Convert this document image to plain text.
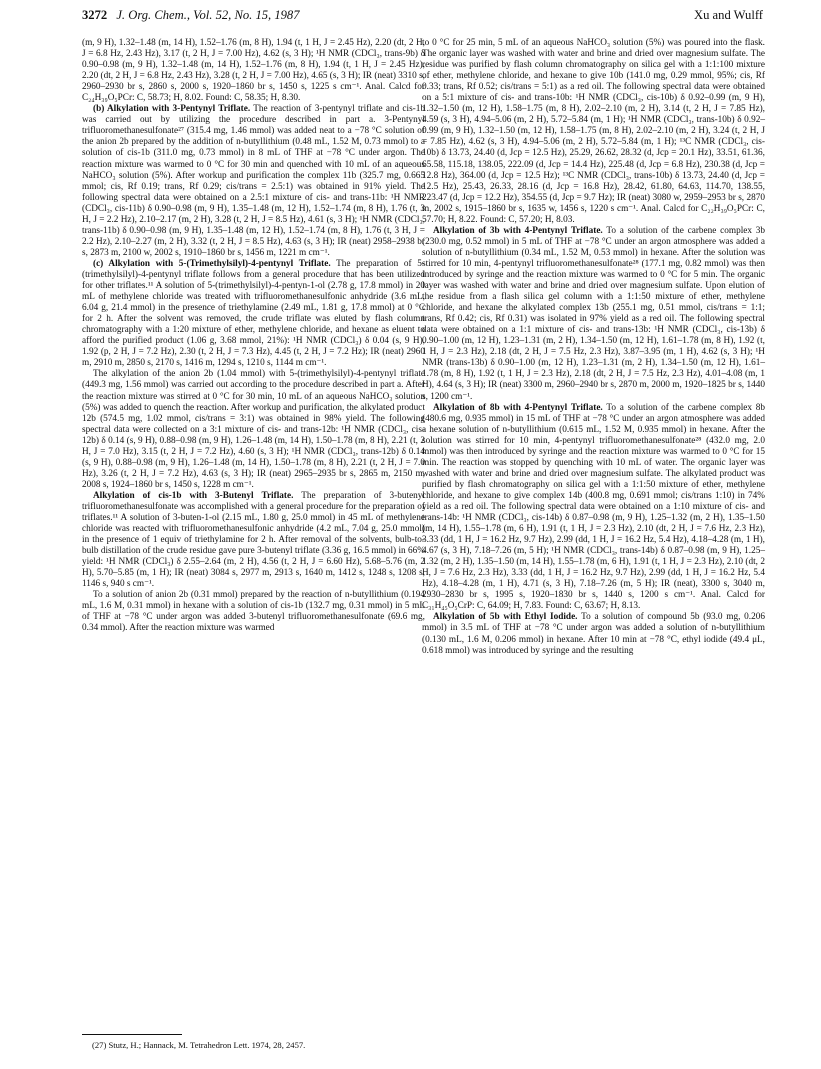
3272 J. Org. Chem., Vol. 52, No. 15, 1987	Xu and Wulff

(m, 9 H), 1.32–1.48 (m, 14 H), 1.52–1.76 (m, 8 H), 1.94 (t, 1 H, J = 2.45 Hz), 2.20 (dt, 2 H, J = 6.8 Hz, 2.43 Hz), 3.17 (t, 2 H, J = 7.00 Hz), 4.62 (s, 3 H); ¹H NMR (CDCl₃, trans-9b) δ 0.90–0.98 (m, 9 H), 1.32–1.48 (m, 14 H), 1.52–1.76 (m, 8 H), 1.94 (t, 1 H, J = 2.45 Hz), 2.20 (dt, 2 H, J = 6.8 Hz, 2.43 Hz), 3.28 (t, 2 H, J = 7.00 Hz), 4.65 (s, 3 H); IR (neat) 3310 s, 2960–2930 br s, 2860 s, 2000 s, 1920–1860 br s, 1450 s, 1225 s cm⁻¹. Anal. Calcd for C₂₄H₃₉O₅PCr: C, 58.73; H, 8.02. Found: C, 58.35; H, 8.30.

(b) Alkylation with 3-Pentynyl Triflate. The reaction of 3-pentynyl triflate and cis-1b was carried out by utilizing the procedure described in part a. 3-Pentynyl trifluoromethanesulfonate²⁷ (315.4 mg, 1.46 mmol) was added neat to a −78 °C solution of the anion 2b prepared by the addition of n-butyllithium (0.48 mL, 1.52 M, 0.73 mmol) to a solution of cis-1b (311.0 mg, 0.73 mmol) in 8 mL of THF at −78 °C under argon. The reaction mixture was warmed to 0 °C for 30 min and quenched with 10 mL of an aqueous NaHCO₃ solution (5%). After workup and purification the complex 11b (325.7 mg, 0.665 mmol; cis, Rf 0.19; trans, Rf 0.29; cis/trans = 2.5:1) was obtained in 91% yield. The following spectral data were obtained on a 2.5:1 mixture of cis- and trans-11b: ¹H NMR (CDCl₃, cis-11b) δ 0.90–0.98 (m, 9 H), 1.35–1.48 (m, 12 H), 1.52–1.74 (m, 8 H), 1.76 (t, 3 H, J = 2.2 Hz), 2.10–2.17 (m, 2 H), 3.28 (t, 2 H, J = 8.5 Hz), 4.61 (s, 3 H); ¹H NMR (CDCl₃, trans-11b) δ 0.90–0.98 (m, 9 H), 1.35–1.48 (m, 12 H), 1.52–1.74 (m, 8 H), 1.76 (t, 3 H, J = 2.2 Hz), 2.10–2.27 (m, 2 H), 3.32 (t, 2 H, J = 8.5 Hz), 4.63 (s, 3 H); IR (neat) 2958–2938 br s, 2873 m, 2100 w, 2002 s, 1910–1860 br s, 1456 m, 1221 m cm⁻¹.

(c) Alkylation with 5-(Trimethylsilyl)-4-pentynyl Triflate. The preparation of 5-(trimethylsilyl)-4-pentynyl triflate follows from a general procedure that has been utilized for other triflates.¹¹ A solution of 5-(trimethylsilyl)-4-pentyn-1-ol (2.78 g, 17.8 mmol) in 20 mL of methylene chloride was treated with trifluoromethanesulfonic anhydride (3.6 mL, 6.04 g, 21.4 mmol) in the presence of triethylamine (2.49 mL, 1.81 g, 17.8 mmol) at 0 °C for 2 h. After the solvent was removed, the crude triflate was eluted by flash column chromatography with a 1:20 mixture of ether, methylene chloride, and hexane as eluent to afford the purified product (1.06 g, 3.68 mmol, 21%): ¹H NMR (CDCl₃) δ 0.04 (s, 9 H), 1.92 (p, 2 H, J = 7.2 Hz), 2.30 (t, 2 H, J = 7.3 Hz), 4.45 (t, 2 H, J = 7.2 Hz); IR (neat) 2960 m, 2910 m, 2850 s, 2170 s, 1416 m, 1294 s, 1210 s, 1144 m cm⁻¹.

The alkylation of the anion 2b (1.04 mmol) with 5-(trimethylsilyl)-4-pentynyl triflate (449.3 mg, 1.56 mmol) was carried out according to the procedure described in part a. After the reaction mixture was stirred at 0 °C for 30 min, 10 mL of an aqueous NaHCO₃ solution (5%) was added to quench the reaction. After workup and purification, the alkylated product 12b (574.5 mg, 1.02 mmol, cis/trans = 3:1) was obtained in 98% yield. The following spectral data were collected on a 3:1 mixture of cis- and trans-12b: ¹H NMR (CDCl₃, cis-12b) δ 0.14 (s, 9 H), 0.88–0.98 (m, 9 H), 1.26–1.48 (m, 14 H), 1.50–1.78 (m, 8 H), 2.21 (t, 2 H, J = 7.0 Hz), 3.15 (t, 2 H, J = 7.2 Hz), 4.60 (s, 3 H); ¹H NMR (CDCl₃, trans-12b) δ 0.14 (s, 9 H), 0.88–0.98 (m, 9 H), 1.26–1.48 (m, 14 H), 1.50–1.78 (m, 8 H), 2.21 (t, 2 H, J = 7.0 Hz), 3.26 (t, 2 H, J = 7.2 Hz), 4.63 (s, 3 H); IR (neat) 2965–2935 br s, 2865 m, 2150 m, 2008 s, 1924–1860 br s, 1450 s, 1228 m cm⁻¹.

Alkylation of cis-1b with 3-Butenyl Triflate. The preparation of 3-butenyl trifluoromethanesulfonate was accomplished with a general procedure for the preparation of triflates.¹¹ A solution of 3-buten-1-ol (2.15 mL, 1.80 g, 25.0 mmol) in 45 mL of methylene chloride was reacted with trifluoromethanesulfonic anhydride (4.2 mL, 7.04 g, 25.0 mmol) in the presence of 1 equiv of triethylamine for 2 h. After removal of the solvents, bulb-to-bulb distillation of the crude residue gave pure 3-butenyl triflate (3.36 g, 16.5 mmol) in 66% yield: ¹H NMR (CDCl₃) δ 2.55–2.64 (m, 2 H), 4.56 (t, 2 H, J = 6.60 Hz), 5.68–5.76 (m, 2 H), 5.70–5.85 (m, 1 H); IR (neat) 3084 s, 2977 m, 2913 s, 1640 m, 1412 s, 1248 s, 1208 s, 1146 s, 940 s cm⁻¹.

To a solution of anion 2b (0.31 mmol) prepared by the reaction of n-butyllithium (0.194 mL, 1.6 M, 0.31 mmol) in hexane with a solution of cis-1b (132.7 mg, 0.31 mmol) in 5 mL of THF at −78 °C under argon was added 3-butenyl trifluoromethanesulfonate (69.6 mg, 0.34 mmol). After the reaction mixture was warmed

to 0 °C for 25 min, 5 mL of an aqueous NaHCO₃ solution (5%) was poured into the flask. The organic layer was washed with water and brine and dried over magnesium sulfate. The residue was purified by flash column chromatography on silica gel with a 1:1:100 mixture of ether, methylene chloride, and hexane to give 10b (141.0 mg, 0.29 mmol, 95%; cis, Rf 0.33; trans, Rf 0.52; cis/trans = 5:1) as a red oil. The following spectral data were obtained on a 5:1 mixture of cis- and trans-10b: ¹H NMR (CDCl₃, cis-10b) δ 0.92–0.99 (m, 9 H), 1.32–1.50 (m, 12 H), 1.58–1.75 (m, 8 H), 2.02–2.10 (m, 2 H), 3.14 (t, 2 H, J = 7.85 Hz), 4.59 (s, 3 H), 4.94–5.06 (m, 2 H), 5.72–5.84 (m, 1 H); ¹H NMR (CDCl₃, trans-10b) δ 0.92–0.99 (m, 9 H), 1.32–1.50 (m, 12 H), 1.58–1.75 (m, 8 H), 2.02–2.10 (m, 2 H), 3.24 (t, 2 H, J = 7.85 Hz), 4.62 (s, 3 H), 4.94–5.06 (m, 2 H), 5.72–5.84 (m, 1 H); ¹³C NMR (CDCl₃, cis-10b) δ 13.73, 24.40 (d, Jcp = 12.5 Hz), 25.29, 26.62, 28.32 (d, Jcp = 20.1 Hz), 33.51, 61.36, 65.58, 115.18, 138.05, 222.09 (d, Jcp = 14.4 Hz), 225.48 (d, Jcp = 6.8 Hz), 230.38 (d, Jcp = 12.8 Hz), 364.00 (d, Jcp = 12.5 Hz); ¹³C NMR (CDCl₃, trans-10b) δ 13.73, 24.40 (d, Jcp = 12.5 Hz), 25.43, 26.33, 28.16 (d, Jcp = 16.8 Hz), 28.42, 61.80, 64.63, 114.70, 138.55, 223.47 (d, Jcp = 12.2 Hz), 354.55 (d, Jcp = 9.7 Hz); IR (neat) 3080 w, 2959–2953 br s, 2870 m, 2002 s, 1915–1860 br s, 1635 w, 1456 s, 1220 s cm⁻¹. Anal. Calcd for C₂₂H₃₉O₅PCr: C, 57.70; H, 8.22. Found: C, 57.20; H, 8.03.

Alkylation of 3b with 4-Pentynyl Triflate. To a solution of the carbene complex 3b (230.0 mg, 0.52 mmol) in 5 mL of THF at −78 °C under an argon atmosphere was added a solution of n-butyllithium (0.34 mL, 1.52 M, 0.53 mmol) in hexane. After the solution was stirred for 10 min, 4-pentynyl trifluoromethanesulfonate²⁸ (177.1 mg, 0.82 mmol) was then introduced by syringe and the reaction mixture was warmed to 0 °C for 5 min. The organic layer was washed with water and brine and dried over magnesium sulfate. Upon elution of the residue from a flash silica gel column with a 1:1:50 mixture of ether, methylene chloride, and hexane the alkylated complex 13b (255.1 mg, 0.51 mmol, cis/trans = 1:1; trans, Rf 0.42; cis, Rf 0.31) was isolated in 97% yield as a red oil. The following spectral data were obtained on a 1:1 mixture of cis- and trans-13b: ¹H NMR (CDCl₃, cis-13b) δ 0.90–1.00 (m, 12 H), 1.23–1.31 (m, 2 H), 1.34–1.50 (m, 12 H), 1.61–1.78 (m, 8 H), 1.92 (t, 1 H, J = 2.3 Hz), 2.18 (dt, 2 H, J = 7.5 Hz, 2.3 Hz), 3.87–3.95 (m, 1 H), 4.62 (s, 3 H); ¹H NMR (trans-13b) δ 0.90–1.00 (m, 12 H), 1.23–1.31 (m, 2 H), 1.34–1.50 (m, 12 H), 1.61–1.78 (m, 8 H), 1.92 (t, 1 H, J = 2.3 Hz), 2.18 (dt, 2 H, J = 7.5 Hz, 2.3 Hz), 4.01–4.08 (m, 1 H), 4.64 (s, 3 H); IR (neat) 3300 m, 2960–2940 br s, 2870 m, 2000 m, 1920–1825 br s, 1440 s, 1200 cm⁻¹.

Alkylation of 8b with 4-Pentynyl Triflate. To a solution of the carbene complex 8b (480.6 mg, 0.935 mmol) in 15 mL of THF at −78 °C under an argon atmosphere was added a hexane solution of n-butyllithium (0.615 mL, 1.52 M, 0.935 mmol) in hexane. After the solution was stirred for 10 min, 4-pentynyl trifluoromethanesulfonate²⁸ (432.0 mg, 2.0 mmol) was then introduced by syringe and the reaction mixture was warmed to 0 °C for 15 min. The reaction was stopped by quenching with 10 mL of water. The organic layer was washed with water and brine and dried over magnesium sulfate. The alkylated product was purified by flash chromatography on silica gel with a 1:1:50 mixture of ether, methylene chloride, and hexane to give complex 14b (400.8 mg, 0.691 mmol; cis/trans 1:10) in 74% yield as a red oil. The following spectral data were obtained on a 1:10 mixture of cis- and trans-14b: ¹H NMR (CDCl₃, cis-14b) δ 0.87–0.98 (m, 9 H), 1.25–1.32 (m, 2 H), 1.35–1.50 (m, 14 H), 1.55–1.78 (m, 6 H), 1.91 (t, 1 H, J = 2.3 Hz), 2.10 (dt, 2 H, J = 7.6 Hz, 2.3 Hz), 3.33 (dd, 1 H, J = 16.2 Hz, 9.7 Hz), 2.99 (dd, 1 H, J = 16.2 Hz, 5.4 Hz), 4.18–4.28 (m, 1 H), 4.67 (s, 3 H), 7.18–7.26 (m, 5 H); ¹H NMR (CDCl₃, trans-14b) δ 0.87–0.98 (m, 9 H), 1.25–1.32 (m, 2 H), 1.35–1.50 (m, 14 H), 1.55–1.78 (m, 6 H), 1.91 (t, 1 H, J = 2.3 Hz), 2.10 (dt, 2 H, J = 7.6 Hz, 2.3 Hz), 3.33 (dd, 1 H, J = 16.2 Hz, 9.7 Hz), 2.99 (dd, 1 H, J = 16.2 Hz, 5.4 Hz), 4.18–4.28 (m, 1 H), 4.71 (s, 3 H), 7.18–7.26 (m, 5 H); IR (neat), 3300 s, 3040 m, 2930–2830 br s, 1995 s, 1920–1830 br s, 1440 s, 1200 s cm⁻¹. Anal. Calcd for C₃₁H₄₅O₅CrP: C, 64.09; H, 7.83. Found: C, 63.67; H, 8.13.

Alkylation of 5b with Ethyl Iodide. To a solution of compound 5b (93.0 mg, 0.206 mmol) in 3.5 mL of THF at −78 °C under argon was added a solution of n-butyllithium (0.130 mL, 1.6 M, 0.206 mmol) in hexane. After 10 min at −78 °C, ethyl iodide (49.4 μL, 0.618 mmol) was introduced by syringe and the resulting

(27) Stutz, H.; Hannack, M. Tetrahedron Lett. 1974, 28, 2457.
